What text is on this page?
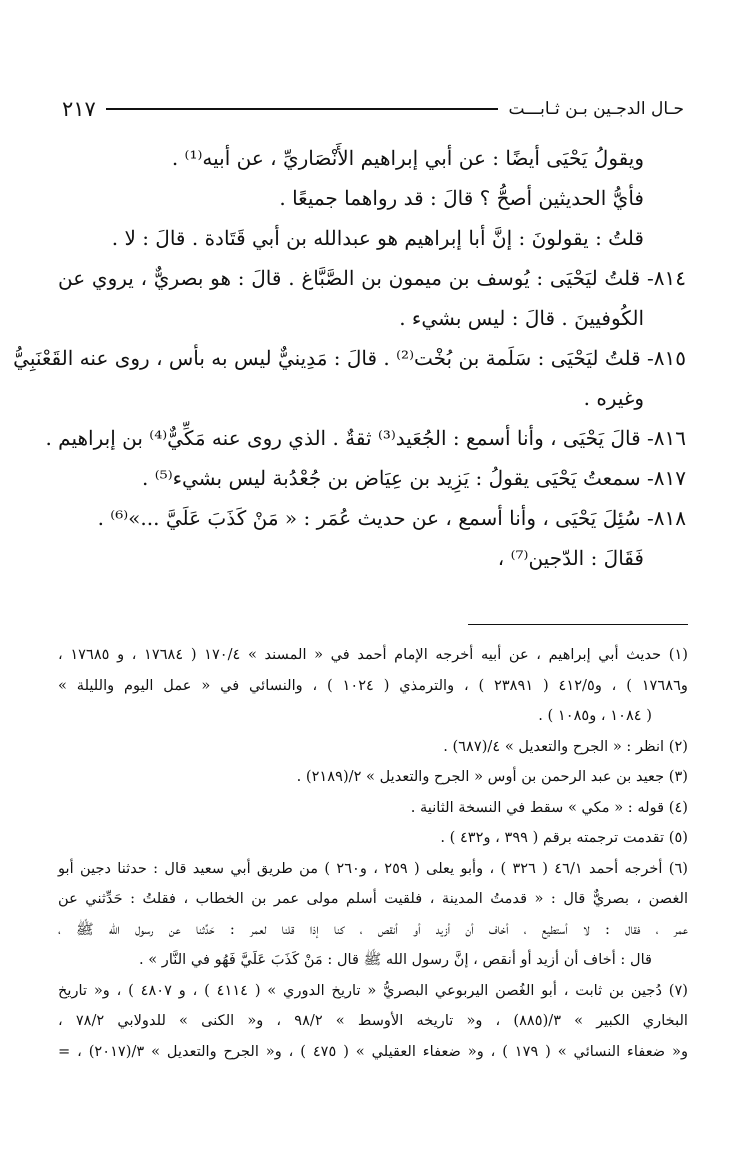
حـال الدجـين بـن ثـابـــت
٢١٧
ويقولُ يَحْيَى أيضًا : عن أبي إبراهيم الأَنْصَاريِّ ، عن أبيه⁽¹⁾ .
فأيُّ الحديثين أصحُّ ؟ قالَ : قد رواهما جميعًا .
قلتُ : يقولونَ : إنَّ أبا إبراهيم هو عبدالله بن أبي قَتَادة . قالَ : لا .
٨١٤- قلتُ ليَحْيَى : يُوسف بن ميمون بن الصَّبَّاغ . قالَ : هو بصريٌّ ، يروي عن
الكُوفيينَ . قالَ : ليس بشيء .
٨١٥- قلتُ ليَحْيَى : سَلَمة بن بُخْت⁽²⁾ . قالَ : مَدِينيٌّ ليس به بأس ، روى عنه القَعْنَبِيُّ
وغيره .
٨١٦- قالَ يَحْيَى ، وأنا أسمع : الجُعَيد⁽³⁾ ثقةٌ . الذي روى عنه مَكِّيٌّ⁽⁴⁾ بن إبراهيم .
٨١٧- سمعتُ يَحْيَى يقولُ : يَزِيد بن عِيَاض بن جُعْدُبة ليس بشيء⁽⁵⁾ .
٨١٨- سُئِلَ يَحْيَى ، وأنا أسمع ، عن حديث عُمَر : « مَنْ كَذَبَ عَلَيَّ ...»⁽⁶⁾ .
فَقَالَ : الدّجين⁽⁷⁾ ،
(١) حديث أبي إبراهيم ، عن أبيه أخرجه الإمام أحمد في « المسند » ١٧٠/٤ ( ١٧٦٨٤ ، و ١٧٦٨٥ ،
و١٧٦٨٦ ) ، و٤١٢/٥ ( ٢٣٨٩١ ) ، والترمذي ( ١٠٢٤ ) ، والنسائي في « عمل اليوم والليلة »
( ١٠٨٤ ، و١٠٨٥ ) .
(٢) انظر : « الجرح والتعديل » ٤/(٦٨٧) .
(٣) جعيد بن عبد الرحمن بن أوس « الجرح والتعديل » ٢/(٢١٨٩) .
(٤) قوله : « مكي » سقط في النسخة الثانية .
(٥) تقدمت ترجمته برقم ( ٣٩٩ ، و٤٣٢ ) .
(٦) أخرجه أحمد ٤٦/١ ( ٣٢٦ ) ، وأبو يعلى ( ٢٥٩ ، و٢٦٠ ) من طريق أبي سعيد قال : حدثنا دجين أبو
الغصن ، بصريٌّ قال : « قدمتُ المدينة ، فلقيت أسلم مولى عمر بن الخطاب ، فقلتُ : حَدِّثني عن
عمر ، فقال : لا أستطيع ، أخاف أن أزيد أو أنقص ، كنا إذا قلنا لعمر : حَدِّثنا عن رسول الله ﷺ ،
قال : أخاف أن أزيد أو أنقص ، إنَّ رسول الله ﷺ قال : مَنْ كَذَبَ عَلَيَّ فَهُو في النَّار » .
(٧) دُجين بن ثابت ، أبو الغُصن اليربوعي البصريُّ « تاريخ الدوري » ( ٤١١٤ ) ، و ٤٨٠٧ ) ، و« تاريخ
البخاري الكبير » ٣/(٨٨٥) ، و« تاريخه الأوسط » ٩٨/٢ ، و« الكنى » للدولابي ٧٨/٢ ،
و« ضعفاء النسائي » ( ١٧٩ ) ، و« ضعفاء العقيلي » ( ٤٧٥ ) ، و« الجرح والتعديل » ٣/(٢٠١٧) ، =
